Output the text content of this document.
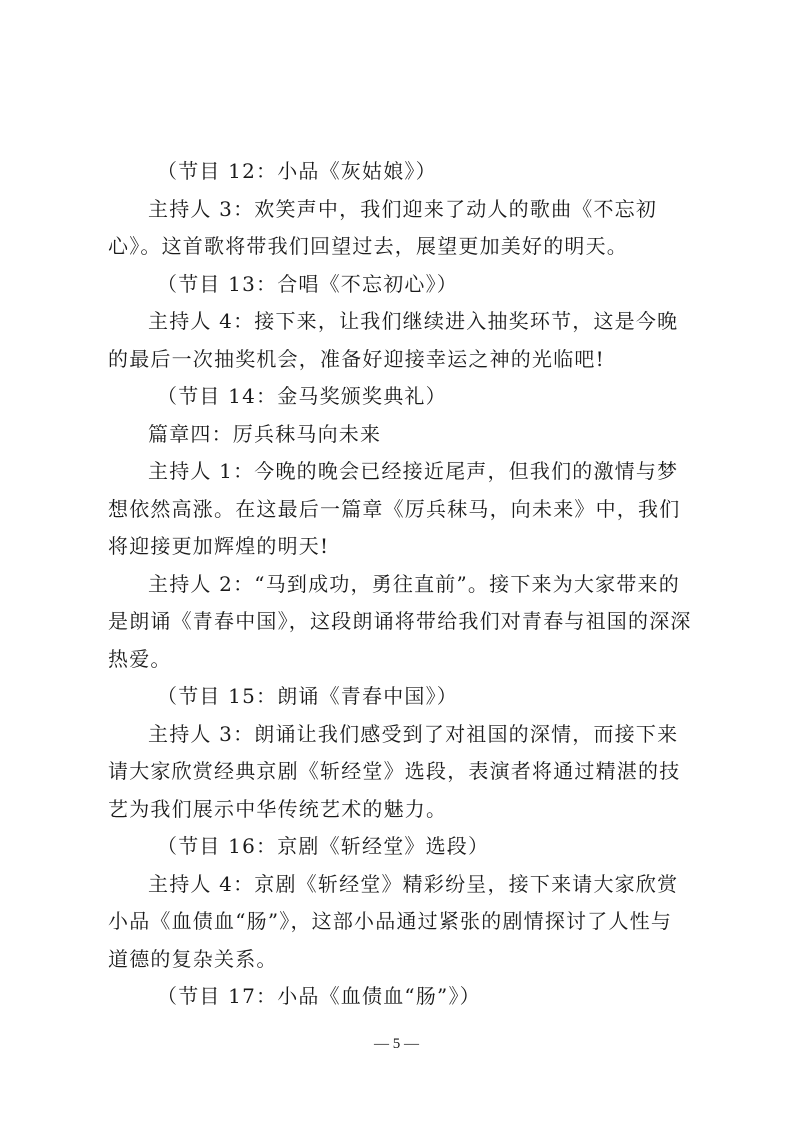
（节目 12：小品《灰姑娘》）

主持人 3：欢笑声中，我们迎来了动人的歌曲《不忘初心》。这首歌将带我们回望过去，展望更加美好的明天。

（节目 13：合唱《不忘初心》）

主持人 4：接下来，让我们继续进入抽奖环节，这是今晚的最后一次抽奖机会，准备好迎接幸运之神的光临吧!

（节目 14：金马奖颁奖典礼）

篇章四：厉兵秣马向未来

主持人 1：今晚的晚会已经接近尾声，但我们的激情与梦想依然高涨。在这最后一篇章《厉兵秣马，向未来》中，我们将迎接更加辉煌的明天!

主持人 2：“马到成功，勇往直前”。接下来为大家带来的是朗诵《青春中国》，这段朗诵将带给我们对青春与祖国的深深热爱。

（节目 15：朗诵《青春中国》）

主持人 3：朗诵让我们感受到了对祖国的深情，而接下来请大家欣赏经典京剧《斩经堂》选段，表演者将通过精湛的技艺为我们展示中华传统艺术的魅力。

（节目 16：京剧《斩经堂》选段）

主持人 4：京剧《斩经堂》精彩纷呈，接下来请大家欣赏小品《血债血“肠”》，这部小品通过紧张的剧情探讨了人性与道德的复杂关系。

（节目 17：小品《血债血“肠”》）

— 5 —
